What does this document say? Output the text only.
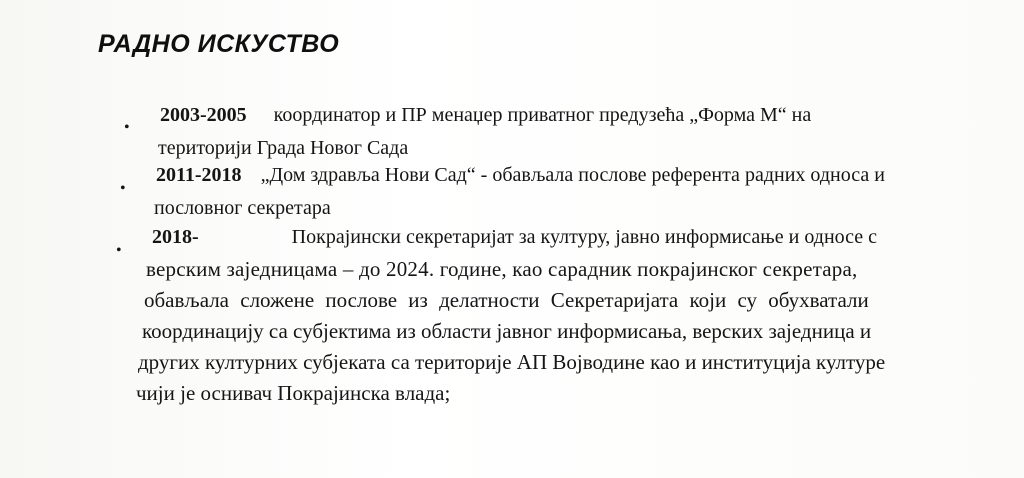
РАДНО ИСКУСТВО
•
2003-2005 координатор и ПР менаџер приватног предузећа „Форма М“ на
територији Града Новог Сада
•
2011-2018 „Дом здравља Нови Сад“ - обављала послове референта радних односа и
пословног секретара
•
2018-	Покрајински секретаријат за културу, јавно информисање и односе с
верским заједницама – до 2024. године, као сарадник покрајинског секретара,
обављала сложене послове из делатности Секретаријата који су обухватали
координацију са субјектима из области јавног информисања, верских заједница и
других културних субјеката са територије АП Војводине као и институција културе
чији је оснивач Покрајинска влада;
